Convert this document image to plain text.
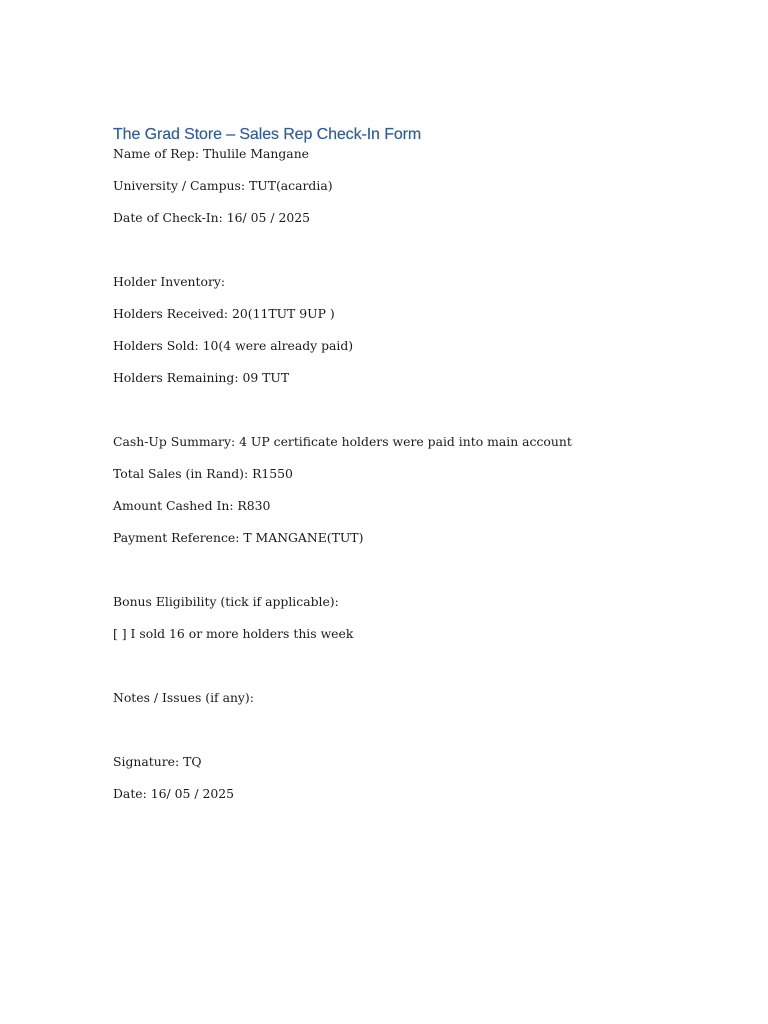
The Grad Store – Sales Rep Check-In Form
Name of Rep: Thulile Mangane
University / Campus: TUT(acardia)
Date of Check-In: 16/ 05 / 2025
Holder Inventory:
Holders Received: 20(11TUT 9UP )
Holders Sold: 10(4 were already paid)
Holders Remaining: 09 TUT
Cash-Up Summary: 4 UP certificate holders were paid into main account
Total Sales (in Rand): R1550
Amount Cashed In: R830
Payment Reference: T MANGANE(TUT)
Bonus Eligibility (tick if applicable):
[ ] I sold 16 or more holders this week
Notes / Issues (if any):
Signature: TQ
Date: 16/ 05 / 2025
